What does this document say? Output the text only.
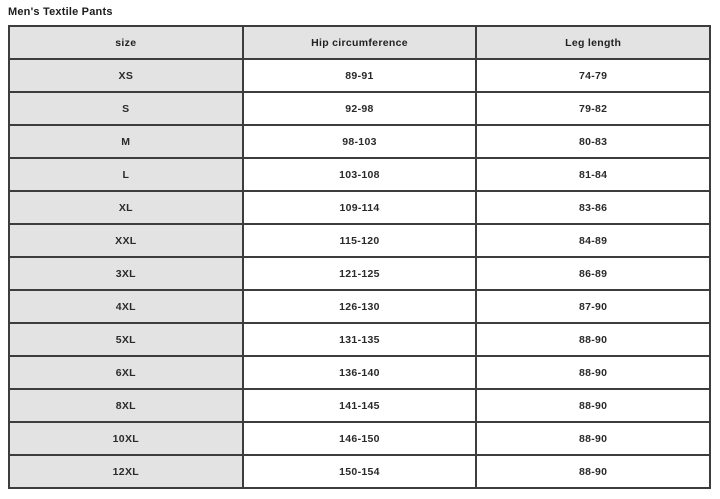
Men's Textile Pants
size	Hip circumference	Leg length
XS	89-91	74-79
S	92-98	79-82
M	98-103	80-83
L	103-108	81-84
XL	109-114	83-86
XXL	115-120	84-89
3XL	121-125	86-89
4XL	126-130	87-90
5XL	131-135	88-90
6XL	136-140	88-90
8XL	141-145	88-90
10XL	146-150	88-90
12XL	150-154	88-90
